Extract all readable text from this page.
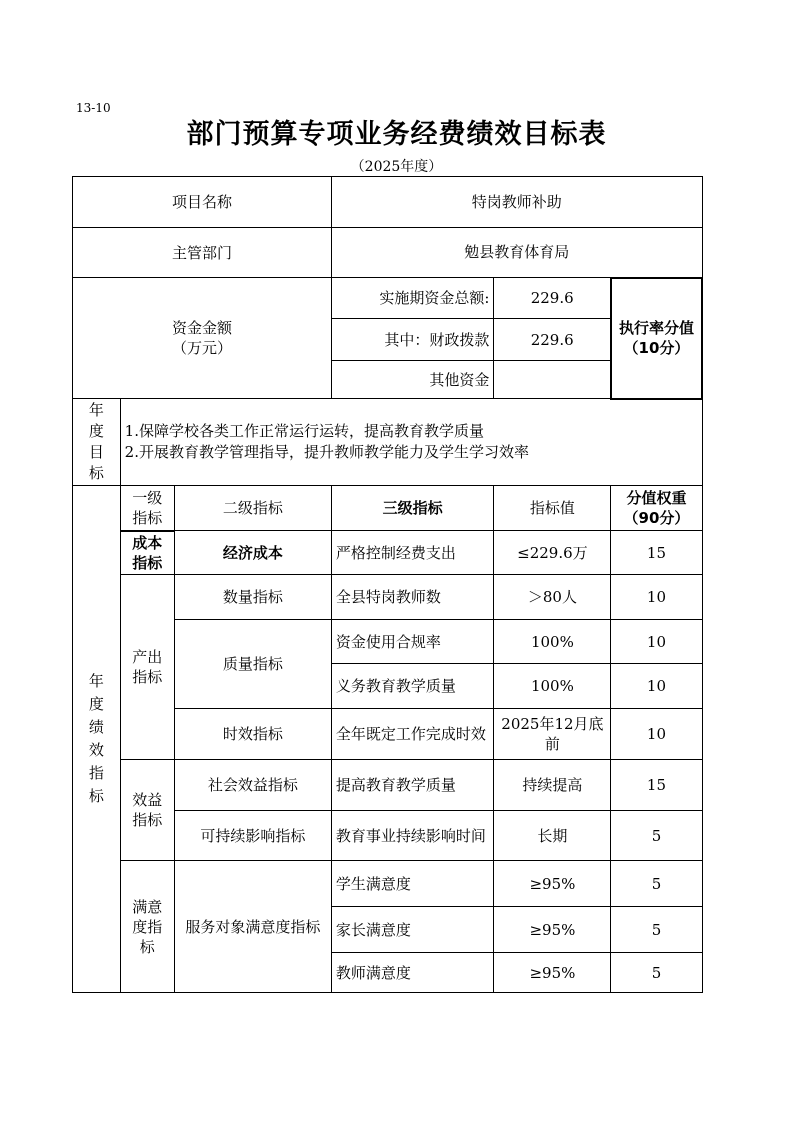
13-10
部门预算专项业务经费绩效目标表
（2025年度）
项目名称			特岗教师补助		
主管部门			勉县教育体育局		

资金金额
（万元）			实施期资金总额:	229.6	执行率分值（10分）
			其中：财政拨款	229.6	
			其他资金		
年度目标	1.保障学校各类工作正常运行运转，提高教育教学质量
2.开展教育教学管理指导，提升教师教学能力及学生学习效率				

年度绩效指标	一级指标	二级指标	三级指标	指标值	分值权重（90分）
	成本指标	经济成本	严格控制经费支出	≤229.6万	15
	产出指标	数量指标	全县特岗教师数	＞80人	10
		质量指标	资金使用合规率	100%	10
			义务教育教学质量	100%	10
		时效指标	全年既定工作完成时效	2025年12月底前	10
	效益指标	社会效益指标	提高教育教学质量	持续提高	15
		可持续影响指标	教育事业持续影响时间	长期	5
	满意度指标	服务对象满意度指标	学生满意度	≥95%	5
			家长满意度	≥95%	5
			教师满意度	≥95%	5
